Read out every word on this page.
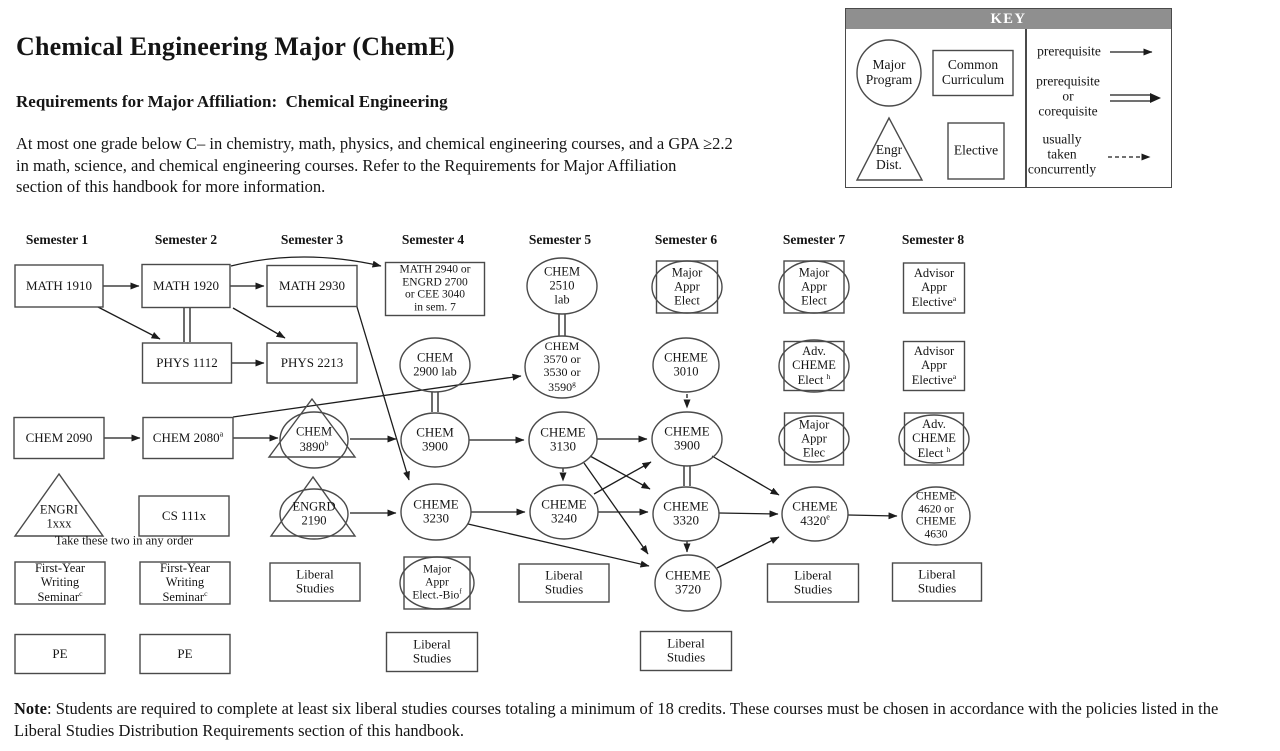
Chemical Engineering Major (ChemE)
Requirements for Major Affiliation:  Chemical Engineering
At most one grade below C– in chemistry, math, physics, and chemical engineering courses, and a GPA ≥2.2
in math, science, and chemical engineering courses. Refer to the Requirements for Major Affiliation
section of this handbook for more information.
KEY
Note: Students are required to complete at least six liberal studies courses totaling a minimum of 18 credits. These courses must be chosen in accordance with the policies listed in the
Liberal Studies Distribution Requirements section of this handbook.
MATH 1910	MATH 1920	MATH 2930
MATH 2940 or
ENGRD 2700
or CEE 3040
in sem. 7
CHEM
2510
lab
Major
Appr
Elect
Major
Appr
Elect
Advisor
Appr
Elective$^a$
PHYS 1112	PHYS 2213	CHEM
2900 lab
CHEM
3570 or
3530 or
3590$^g$
CHEME
3010
Adv.
CHEME
Elect $^h$
Advisor
Appr
Elective$^a$
CHEM 2090	CHEM 2080$^a$	CHEM
3890$^b$
CHEM
3900
CHEME
3130
CHEME
3900
Major
Appr
Elec
Adv.
CHEME
Elect $^h$
ENGRI
1xxx
CS 111x
ENGRD
2190
CHEME
3230
CHEME
3240
CHEME
3320
CHEME
4320e
CHEME
4620 or
CHEME
4630
First-Year
Writing
Seminar$^c$
First-Year
Writing
Seminar$^c$
Liberal
Studies
Major
Appr
Elect.-Bio$^f$
Liberal
Studies
CHEME
3720
Liberal
Studies
Liberal
Studies
PE	PE
Liberal
Studies
Liberal
Studies
Take these two in any order
Semester 1	Semester 2	Semester 3	Semester 4	Semester 5	Semester 6	Semester 7	Semester 8
Major
Program
Common
Curriculum
Engr
Dist.
Elective
prerequisite
prerequisite
or
corequisite
usually
taken
concurrently
